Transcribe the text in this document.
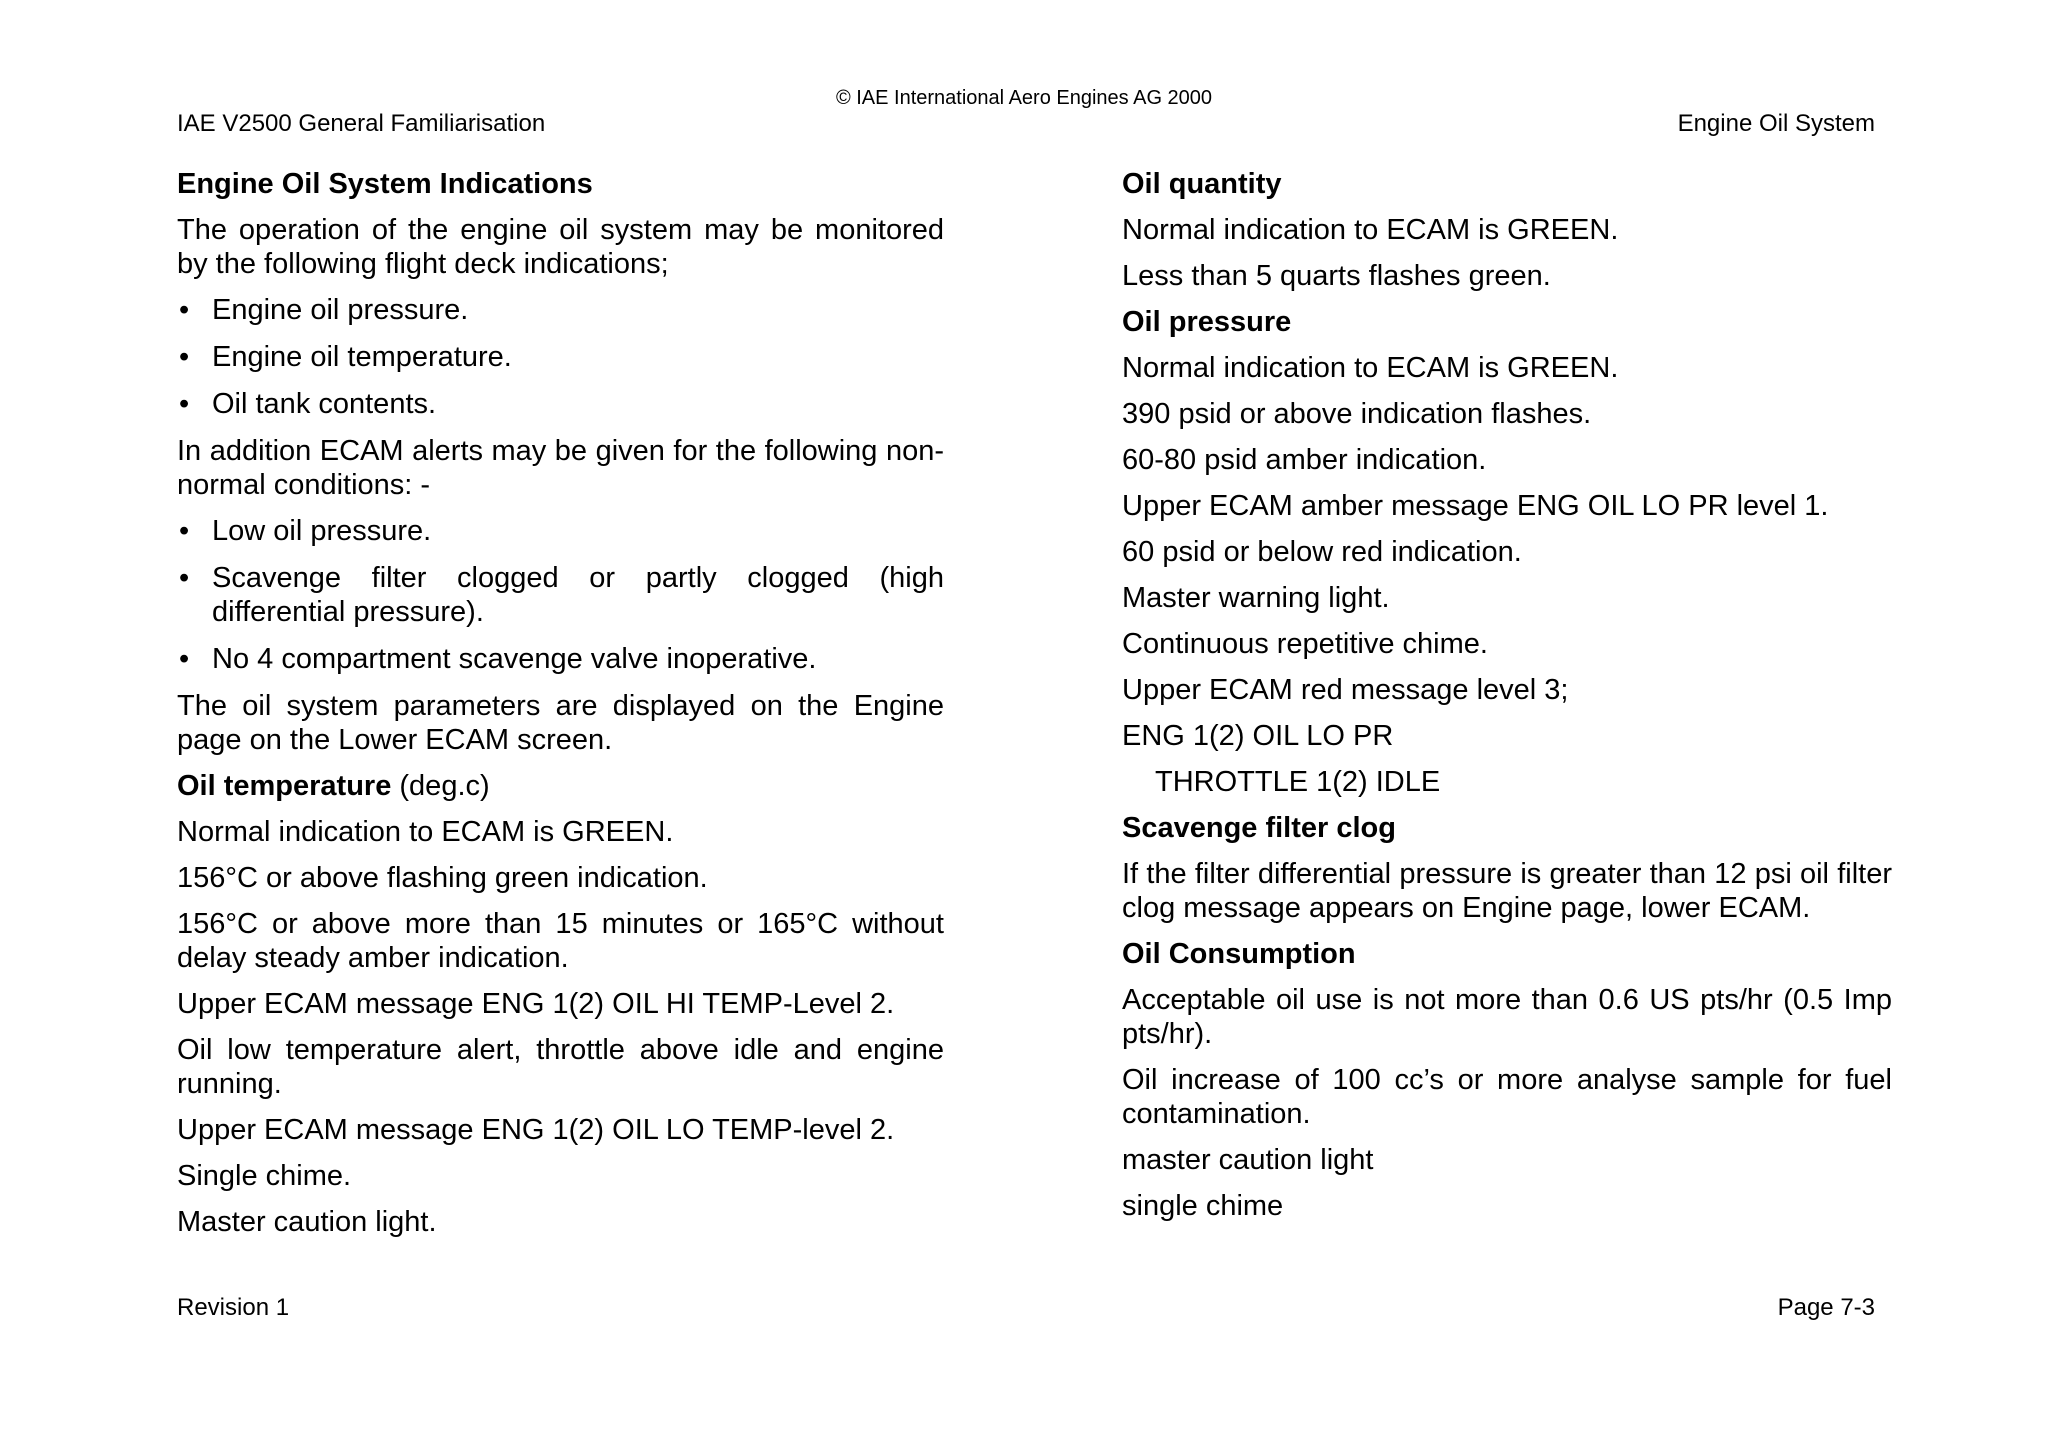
© IAE International Aero Engines AG 2000
IAE V2500 General Familiarisation	Engine Oil System
Engine Oil System Indications
The operation of the engine oil system may be monitored by the following flight deck indications;
• Engine oil pressure.
• Engine oil temperature.
• Oil tank contents.
In addition ECAM alerts may be given for the following non-normal conditions: -
• Low oil pressure.
• Scavenge filter clogged or partly clogged (high differential pressure).
• No 4 compartment scavenge valve inoperative.
The oil system parameters are displayed on the Engine page on the Lower ECAM screen.
Oil temperature (deg.c)
Normal indication to ECAM is GREEN.
156°C or above flashing green indication.
156°C or above more than 15 minutes or 165°C without delay steady amber indication.
Upper ECAM message ENG 1(2) OIL HI TEMP-Level 2.
Oil low temperature alert, throttle above idle and engine running.
Upper ECAM message ENG 1(2) OIL LO TEMP-level 2.
Single chime.
Master caution light.
Oil quantity
Normal indication to ECAM is GREEN.
Less than 5 quarts flashes green.
Oil pressure
Normal indication to ECAM is GREEN.
390 psid or above indication flashes.
60-80 psid amber indication.
Upper ECAM amber message ENG OIL LO PR level 1.
60 psid or below red indication.
Master warning light.
Continuous repetitive chime.
Upper ECAM red message level 3;
ENG 1(2) OIL LO PR
THROTTLE 1(2) IDLE
Scavenge filter clog
If the filter differential pressure is greater than 12 psi oil filter clog message appears on Engine page, lower ECAM.
Oil Consumption
Acceptable oil use is not more than 0.6 US pts/hr (0.5 Imp pts/hr).
Oil increase of 100 cc’s or more analyse sample for fuel contamination.
master caution light
single chime
Revision 1	Page 7-3
